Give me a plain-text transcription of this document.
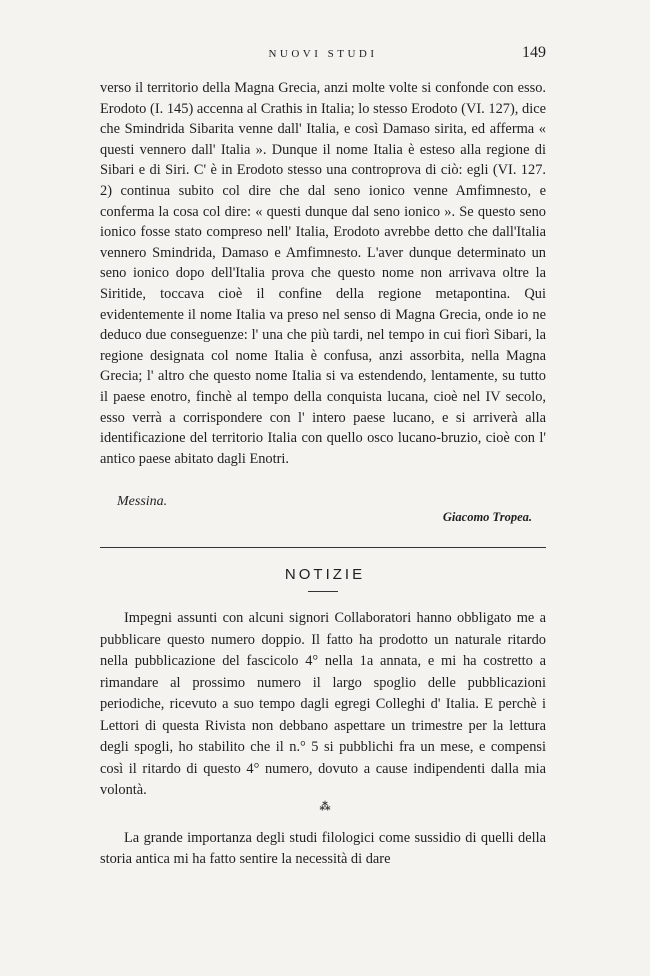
NUOVI STUDI	149

verso il territorio della Magna Grecia, anzi molte volte si confonde con esso. Erodoto (I. 145) accenna al Crathis in Italia; lo stesso Erodoto (VI. 127), dice che Smindrida Sibarita venne dall' Italia, e così Damaso sirita, ed afferma « questi vennero dall' Italia ». Dunque il nome Italia è esteso alla regione di Sibari e di Siri. C' è in Erodoto stesso una controprova di ciò: egli (VI. 127. 2) continua subito col dire che dal seno ionico venne Amfimnesto, e conferma la cosa col dire: « questi dunque dal seno ionico ». Se questo seno ionico fosse stato compreso nell' Italia, Erodoto avrebbe detto che dall'Italia vennero Smindrida, Damaso e Amfimnesto. L'aver dunque determinato un seno ionico dopo dell'Italia prova che questo nome non arrivava oltre la Siritide, toccava cioè il confine della regione metapontina. Qui evidentemente il nome Italia va preso nel senso di Magna Grecia, onde io ne deduco due conseguenze: l' una che più tardi, nel tempo in cui fiorì Sibari, la regione designata col nome Italia è confusa, anzi assorbita, nella Magna Grecia; l' altro che questo nome Italia si va estendendo, lentamente, su tutto il paese enotro, finchè al tempo della conquista lucana, cioè nel IV secolo, esso verrà a corrispondere con l' intero paese lucano, e si arriverà alla identificazione del territorio Italia con quello osco lucano-bruzio, cioè con l' antico paese abitato dagli Enotri.

Messina.
Giacomo Tropea.
NOTIZIE

Impegni assunti con alcuni signori Collaboratori hanno obbligato me a pubblicare questo numero doppio. Il fatto ha prodotto un naturale ritardo nella pubblicazione del fascicolo 4° nella 1a annata, e mi ha costretto a rimandare al prossimo numero il largo spoglio delle pubblicazioni periodiche, ricevuto a suo tempo dagli egregi Colleghi d' Italia. E perchè i Lettori di questa Rivista non debbano aspettare un trimestre per la lettura degli spogli, ho stabilito che il n.° 5 si pubblichi fra un mese, e compensi così il ritardo di questo 4° numero, dovuto a cause indipendenti dalla mia volontà.

⁂

La grande importanza degli studi filologici come sussidio di quelli della storia antica mi ha fatto sentire la necessità di dare
